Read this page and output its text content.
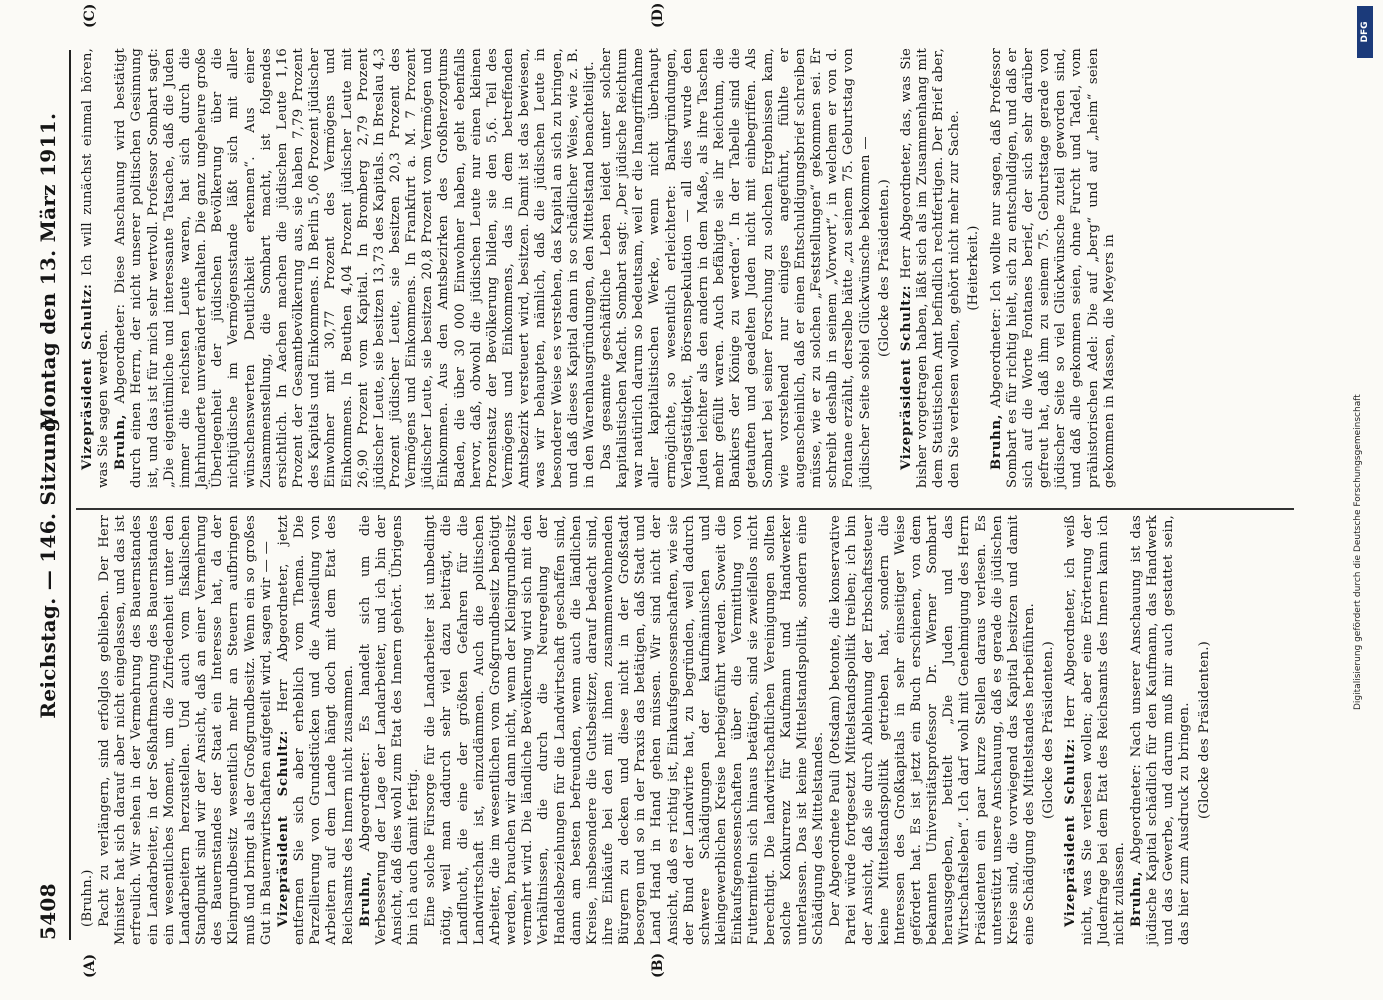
5408  Reichstag. — 146. Sitzung.
Montag den 13. März 1911.
(A)	(B)
(C)	(D)

(Bruhn.) Pacht zu verlängern, sind erfolglos geblieben. Der Herr Minister hat sich darauf aber nicht eingelassen, und das ist erfreulich. Wir sehen in der Vermehrung des Bauernstandes ein Landarbeiter, in der Seßhaftmachung des Bauernstandes ein wesentliches Moment, um die Zufriedenheit unter den Landarbeitern herzustellen. Und auch vom fiskalischen Standpunkt sind wir der Ansicht, daß an einer Vermehrung des Bauernstandes der Staat ein Interesse hat, da der Kleingrundbesitz wesentlich mehr an Steuern aufbringen muß und bringt als der Großgrundbesitz. Wenn ein so großes Gut in Bauernwirtschaften aufgeteilt wird, sagen wir — — Vizepräsident Schultz: Herr Abgeordneter, jetzt entfernen Sie sich aber erheblich vom Thema. Die Parzellierung von Grundstücken und die Ansiedlung von Arbeitern auf dem Lande hängt doch mit dem Etat des Reichsamts des Innern nicht zusammen. Bruhn, Abgeordneter: Es handelt sich um die Verbesserung der Lage der Landarbeiter, und ich bin der Ansicht, daß dies wohl zum Etat des Innern gehört. Übrigens bin ich auch damit fertig. Eine solche Fürsorge für die Landarbeiter ist unbedingt nötig, weil man dadurch sehr viel dazu beiträgt, die Landflucht, die eine der größten Gefahren für die Landwirtschaft ist, einzudämmen. Auch die politischen Arbeiter, die im wesentlichen vom Großgrundbesitz benötigt werden, brauchen wir dann nicht, wenn der Kleingrundbesitz vermehrt wird. Die ländliche Bevölkerung wird sich mit den Verhältnissen, die durch die Neuregelung der Handelsbeziehungen für die Landwirtschaft geschaffen sind, dann am besten befreunden, wenn auch die ländlichen Kreise, insbesondere die Gutsbesitzer, darauf bedacht sind, ihre Einkäufe bei den mit ihnen zusammenwohnenden Bürgern zu decken und diese nicht in der Großstadt besorgen und so in der Praxis das betätigen, daß Stadt und Land Hand in Hand gehen müssen. Wir sind nicht der Ansicht, daß es richtig ist, Einkaufsgenossenschaften, wie sie der Bund der Landwirte hat, zu begründen, weil dadurch schwere Schädigungen der kaufmännischen und kleingewerblichen Kreise herbeigeführt werden. Soweit die Einkaufsgenossenschaften über die Vermittlung von Futtermitteln sich hinaus betätigen, sind sie zweifellos nicht berechtigt. Die landwirtschaftlichen Vereinigungen sollten solche Konkurrenz für Kaufmann und Handwerker unterlassen. Das ist keine Mittelstandspolitik, sondern eine Schädigung des Mittelstandes. Der Abgeordnete Pauli (Potsdam) betonte, die konservative Partei würde fortgesetzt Mittelstandspolitik treiben; ich bin der Ansicht, daß sie durch Ablehnung der Erbschaftssteuer keine Mittelstandspolitik getrieben hat, sondern die Interessen des Großkapitals in sehr einseitiger Weise gefördert hat. Es ist jetzt ein Buch erschienen, von dem bekannten Universitätsprofessor Dr. Werner Sombart herausgegeben, betitelt „Die Juden und das Wirtschaftsleben“. Ich darf wohl mit Genehmigung des Herrn Präsidenten ein paar kurze Stellen daraus verlesen. Es unterstützt unsere Anschauung, daß es gerade die jüdischen Kreise sind, die vorwiegend das Kapital besitzen und damit eine Schädigung des Mittelstandes herbeiführen. (Glocke des Präsidenten.)

Vizepräsident Schultz: Herr Abgeordneter, ich weiß nicht, was Sie verlesen wollen; aber eine Erörterung der Judenfrage bei dem Etat des Reichsamts des Innern kann ich nicht zulassen. Bruhn, Abgeordneter: Nach unserer Anschauung ist das jüdische Kapital schädlich für den Kaufmann, das Handwerk und das Gewerbe, und darum muß mir auch gestattet sein, das hier zum Ausdruck zu bringen. (Glocke des Präsidenten.)

Vizepräsident Schultz: Ich will zunächst einmal hören, was Sie sagen werden. Bruhn, Abgeordneter: Diese Anschauung wird bestätigt durch einen Herrn, der nicht unserer politischen Gesinnung ist, und das ist für mich sehr wertvoll. Professor Sombart sagt: „Die eigentümliche und interessante Tatsache, daß die Juden immer die reichsten Leute waren, hat sich durch die Jahrhunderte unverändert erhalten. Die ganz ungeheure große Überlegenheit der jüdischen Bevölkerung über die nichtjüdische im Vermögensstande läßt sich mit aller wünschenswerten Deutlichkeit erkennen“. Aus einer Zusammenstellung, die Sombart macht, ist folgendes ersichtlich. In Aachen machen die jüdischen Leute 1,16 Prozent der Gesamtbevölkerung aus, sie haben 7,79 Prozent des Kapitals und Einkommens. In Berlin 5,06 Prozent jüdischer Einwohner mit 30,77 Prozent des Vermögens und Einkommens. In Beuthen 4,04 Prozent jüdischer Leute mit 26,90 Prozent vom Kapital. In Bromberg 2,79 Prozent jüdischer Leute, sie besitzen 13,73 des Kapitals. In Breslau 4,3 Prozent jüdischer Leute, sie besitzen 20,3 Prozent des Vermögens und Einkommens. In Frankfurt a. M. 7 Prozent jüdischer Leute, sie besitzen 20,8 Prozent vom Vermögen und Einkommen. Aus den Amtsbezirken des Großherzogtums Baden, die über 30 000 Einwohner haben, geht ebenfalls hervor, daß, obwohl die jüdischen Leute nur einen kleinen Prozentsatz der Bevölkerung bilden, sie den 5,6. Teil des Vermögens und Einkommens, das in dem betreffenden Amtsbezirk versteuert wird, besitzen. Damit ist das bewiesen, was wir behaupten, nämlich, daß die jüdischen Leute in besonderer Weise es verstehen, das Kapital an sich zu bringen, und daß dieses Kapital dann in so schädlicher Weise, wie z. B. in den Warenhausgründungen, den Mittelstand benachteiligt. Das gesamte geschäftliche Leben leidet unter solcher kapitalistischen Macht. Sombart sagt: „Der jüdische Reichtum war natürlich darum so bedeutsam, weil er die Inangriffnahme aller kapitalistischen Werke, wenn nicht überhaupt ermöglichte, so wesentlich erleichterte: Bankgründungen, Verlagstätigkeit, Börsenspekulation — all dies wurde den Juden leichter als den andern in dem Maße, als ihre Taschen mehr gefüllt waren. Auch befähigte sie ihr Reichtum, die Bankiers der Könige zu werden“. In der Tabelle sind die getauften und geadelten Juden nicht mit einbegriffen. Als Sombart bei seiner Forschung zu solchen Ergebnissen kam, wie vorstehend nur einiges angeführt, fühlte er augenscheinlich, daß er einen Entschuldigungsbrief schreiben müsse, wie er zu solchen „Feststellungen“ gekommen sei. Er schreibt deshalb in seinem „Vorwort“, in welchem er von d. Fontane erzählt, derselbe hätte „zu seinem 75. Geburtstag von jüdischer Seite sobiel Glückwünsche bekommen — (Glocke des Präsidenten.)

Vizepräsident Schultz: Herr Abgeordneter, das, was Sie bisher vorgetragen haben, läßt sich als im Zusammenhang mit dem Statistischen Amt befindlich rechtfertigen. Der Brief aber, den Sie verlesen wollen, gehört nicht mehr zur Sache. (Heiterkeit.)

Bruhn, Abgeordneter: Ich wollte nur sagen, daß Professor Sombart es für richtig hielt, sich zu entschuldigen, und daß er sich auf die Worte Fontanes berief, der sich sehr darüber gefreut hat, daß ihm zu seinem 75. Geburtstage gerade von jüdischer Seite so viel Glückwünsche zuteil geworden sind, und daß alle gekommen seien, ohne Furcht und Tadel, vom prähistorischen Adel: Die auf „berg“ und auf „heim“ seien gekommen in Massen, die Meyers in

DFG
Digitalisierung gefördert durch die Deutsche Forschungsgemeinschaft
